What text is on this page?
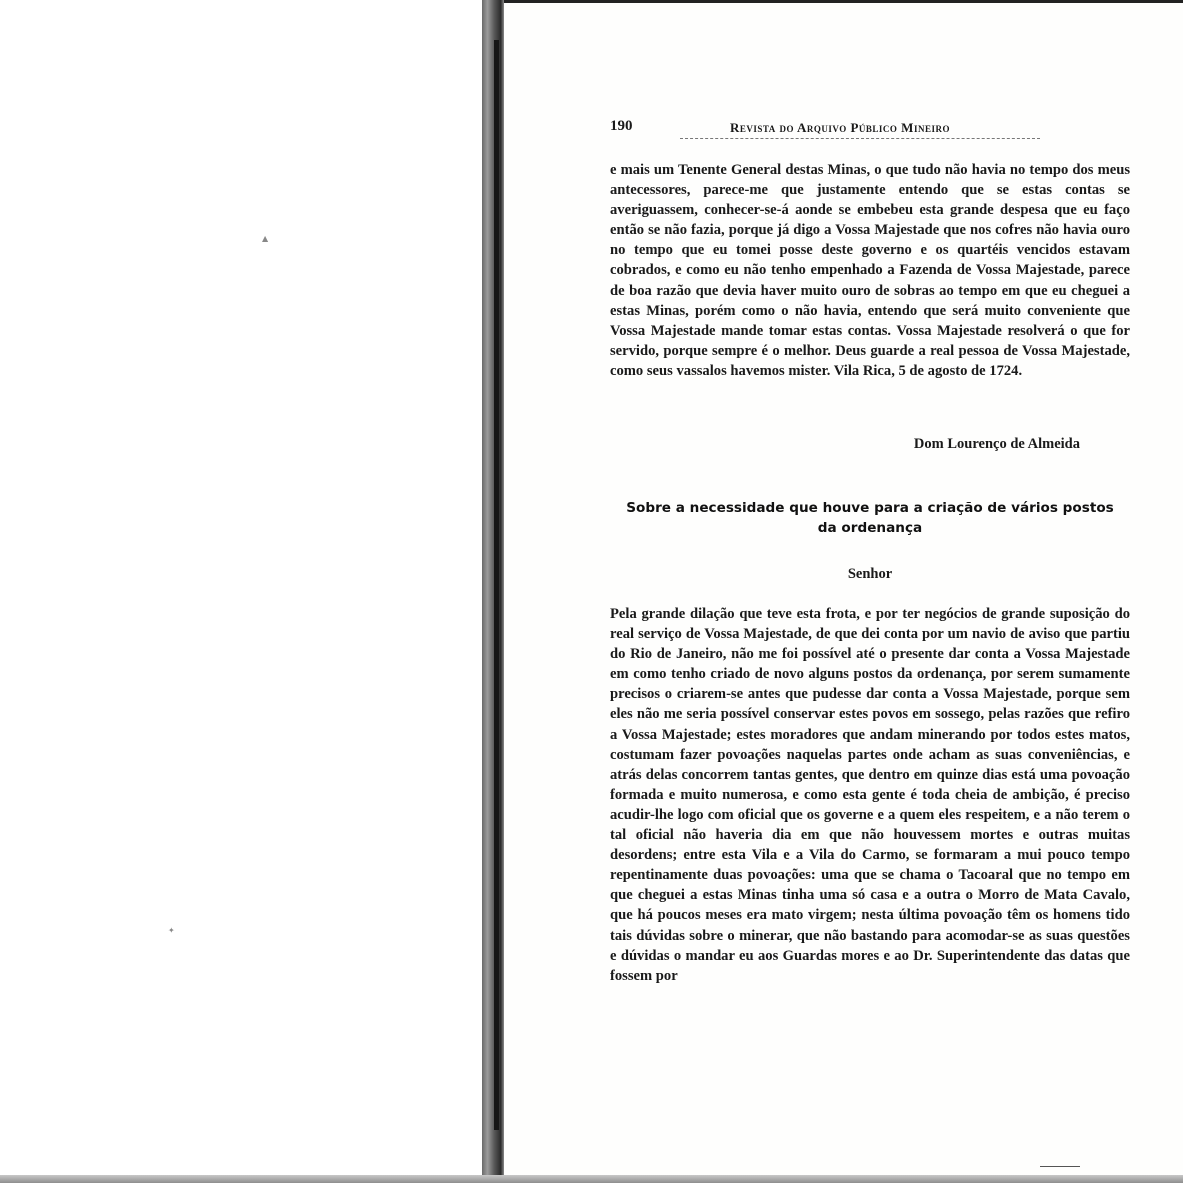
▲
✦
190	Revista do Arquivo Público Mineiro

e mais um Tenente General destas Minas, o que tudo não havia no tempo dos meus antecessores, parece-me que justamente entendo que se estas contas se averiguassem, conhecer-se-á aonde se embebeu esta grande despesa que eu faço então se não fazia, porque já digo a Vossa Majestade que nos cofres não havia ouro no tempo que eu tomei posse deste governo e os quartéis vencidos estavam cobrados, e como eu não tenho empenhado a Fazenda de Vossa Majestade, parece de boa razão que devia haver muito ouro de sobras ao tempo em que eu cheguei a estas Minas, porém como o não havia, entendo que será muito conveniente que Vossa Majestade mande tomar estas contas. Vossa Majestade resolverá o que for servido, porque sempre é o melhor. Deus guarde a real pessoa de Vossa Majestade, como seus vassalos havemos mister. Vila Rica, 5 de agosto de 1724.

Dom Lourenço de Almeida
Sobre a necessidade que houve para a criação de vários postos
da ordenança
Senhor

Pela grande dilação que teve esta frota, e por ter negócios de grande suposição do real serviço de Vossa Majestade, de que dei conta por um navio de aviso que partiu do Rio de Janeiro, não me foi possível até o presente dar conta a Vossa Majestade em como tenho criado de novo alguns postos da ordenança, por serem sumamente precisos o criarem-se antes que pudesse dar conta a Vossa Majestade, porque sem eles não me seria possível conservar estes povos em sossego, pelas razões que refiro a Vossa Majestade; estes moradores que andam minerando por todos estes matos, costumam fazer povoações naquelas partes onde acham as suas conveniências, e atrás delas concorrem tantas gentes, que dentro em quinze dias está uma povoação formada e muito numerosa, e como esta gente é toda cheia de ambição, é preciso acudir-lhe logo com oficial que os governe e a quem eles respeitem, e a não terem o tal oficial não haveria dia em que não houvessem mortes e outras muitas desordens; entre esta Vila e a Vila do Carmo, se formaram a mui pouco tempo repentinamente duas povoações: uma que se chama o Tacoaral que no tempo em que cheguei a estas Minas tinha uma só casa e a outra o Morro de Mata Cavalo, que há poucos meses era mato virgem; nesta última povoação têm os homens tido tais dúvidas sobre o minerar, que não bastando para acomodar-se as suas questões e dúvidas o mandar eu aos Guardas mores e ao Dr. Superintendente das datas que fossem por
